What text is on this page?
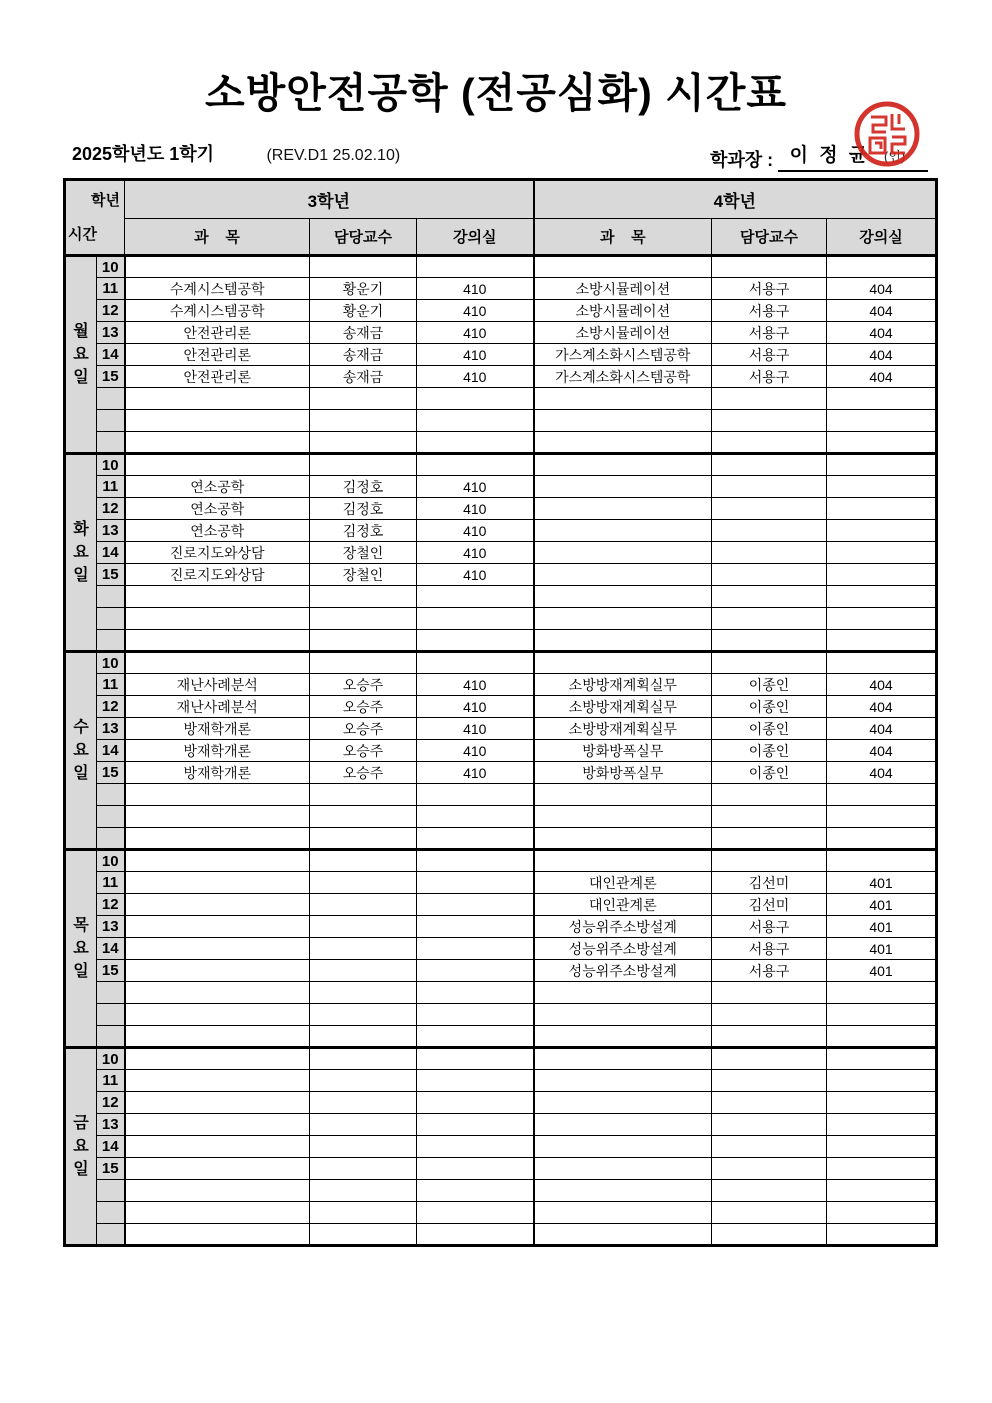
소방안전공학 (전공심화) 시간표
2025학년도 1학기	(REV.D1 25.02.10)	학과장 : 이 정 균	(인)
학년
시간		3학년			4학년		
		과    목	담당교수	강의실	과    목	담당교수	강의실

월
요
일	10						
	11	수계시스템공학	황운기	410	소방시뮬레이션	서용구	404
	12	수계시스템공학	황운기	410	소방시뮬레이션	서용구	404
	13	안전관리론	송재금	410	소방시뮬레이션	서용구	404
	14	안전관리론	송재금	410	가스계소화시스템공학	서용구	404
	15	안전관리론	송재금	410	가스계소화시스템공학	서용구	404

화
요
일	10						
	11	연소공학	김정호	410			
	12	연소공학	김정호	410			
	13	연소공학	김정호	410			
	14	진로지도와상담	장철인	410			
	15	진로지도와상담	장철인	410			

수
요
일	10						
	11	재난사례분석	오승주	410	소방방재계획실무	이종인	404
	12	재난사례분석	오승주	410	소방방재계획실무	이종인	404
	13	방재학개론	오승주	410	소방방재계획실무	이종인	404
	14	방재학개론	오승주	410	방화방폭실무	이종인	404
	15	방재학개론	오승주	410	방화방폭실무	이종인	404

목
요
일	10						
	11				대인관계론	김선미	401
	12				대인관계론	김선미	401
	13				성능위주소방설계	서용구	401
	14				성능위주소방설계	서용구	401
	15				성능위주소방설계	서용구	401

금
요
일	10						
	11						
	12						
	13						
	14						
	15						
